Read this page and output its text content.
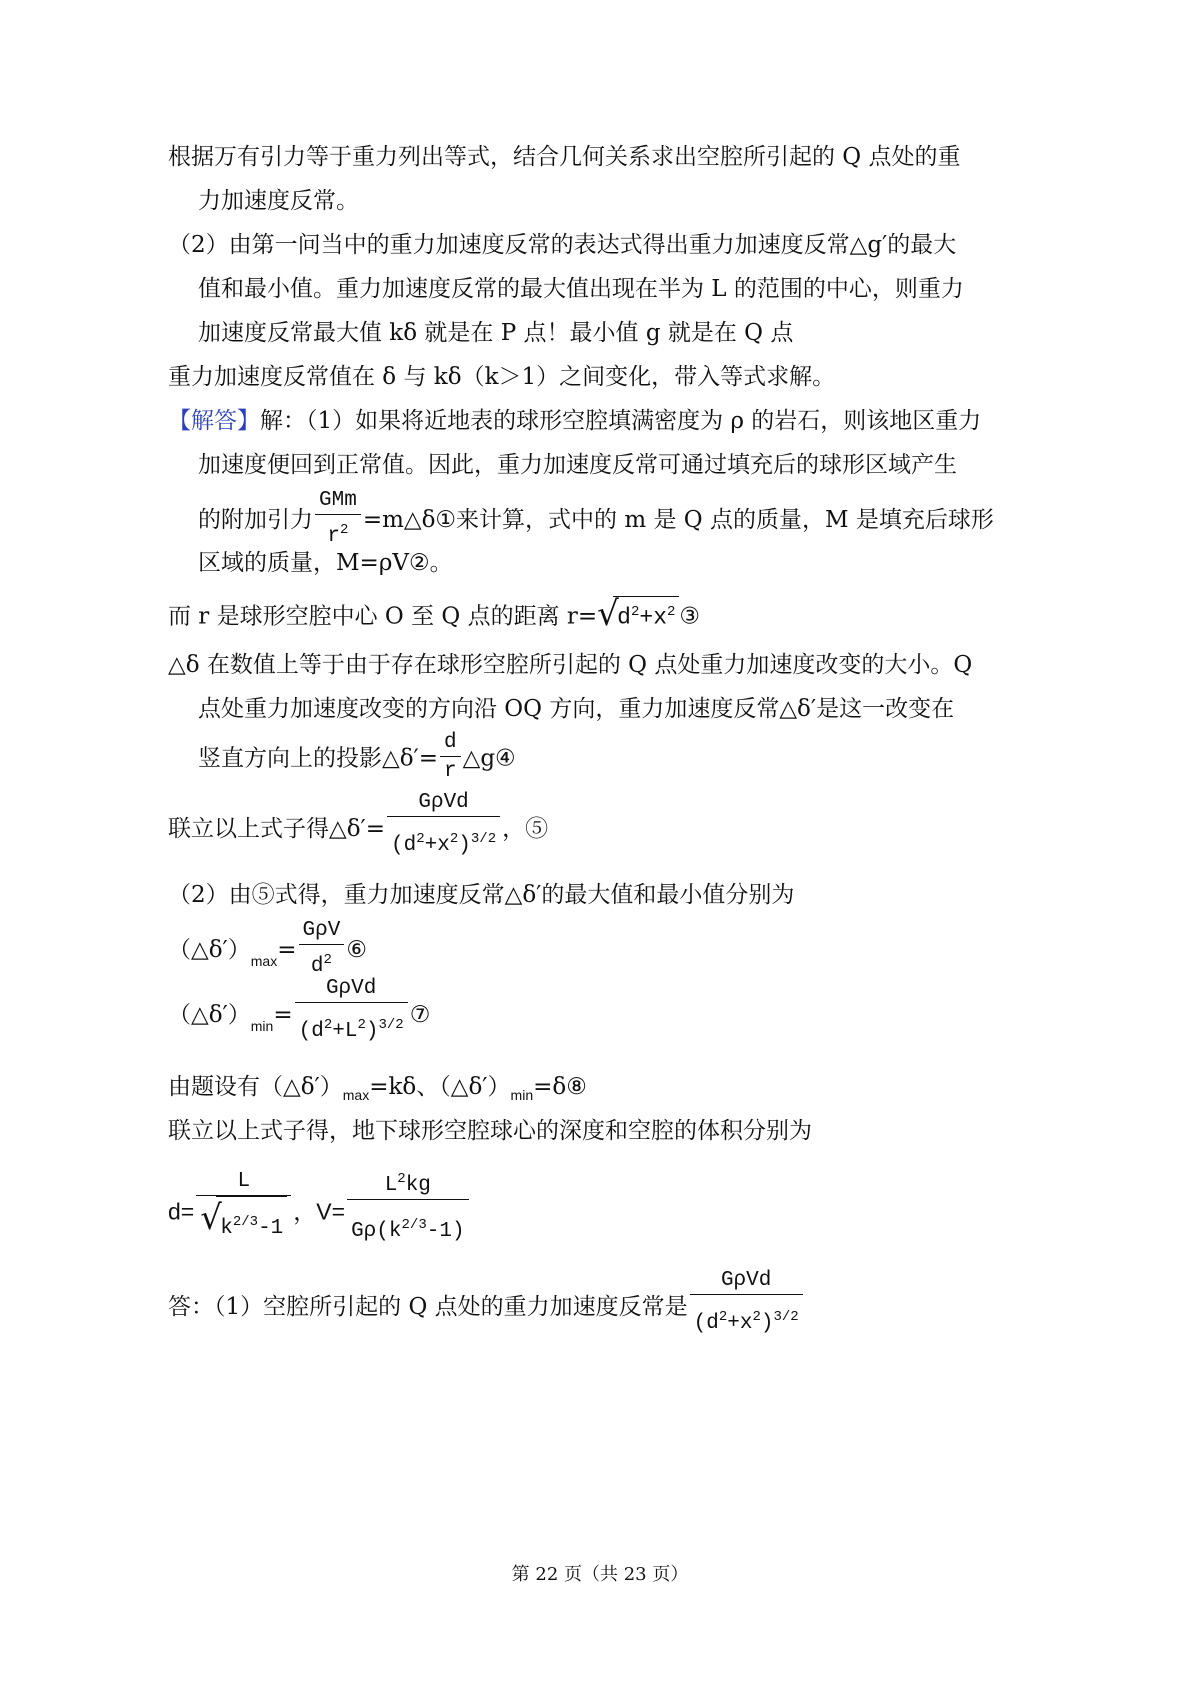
根据万有引力等于重力列出等式，结合几何关系求出空腔所引起的 Q 点处的重
力加速度反常。
（2）由第一问当中的重力加速度反常的表达式得出重力加速度反常△g′的最大
值和最小值。重力加速度反常的最大值出现在半为 L 的范围的中心，则重力
加速度反常最大值 kδ 就是在 P 点！最小值 g 就是在 Q 点
重力加速度反常值在 δ 与 kδ（k＞1）之间变化，带入等式求解。
【解答】解：（1）如果将近地表的球形空腔填满密度为 ρ 的岩石，则该地区重力
加速度便回到正常值。因此，重力加速度反常可通过填充后的球形区域产生
的附加引力 $\frac{\text{GMm}}{r^2}$ =m△δ①来计算，式中的 m 是 Q 点的质量，M 是填充后球形
区域的质量，M=ρV②。
而 r 是球形空腔中心 O 至 Q 点的距离 r= √
$d^2+x^2$ ③
△δ 在数值上等于由于存在球形空腔所引起的 Q 点处重力加速度改变的大小。Q
点处重力加速度改变的方向沿 OQ 方向，重力加速度反常△δ′是这一改变在
竖直方向上的投影△δ′= $\frac{d}{r}$ △g④
联立以上式子得△δ′= $\frac{\text{GρVd}}{(d^2+x^2)^{3/2}}$ ，⑤
（2）由⑤式得，重力加速度反常△δ′的最大值和最小值分别为
$(\triangle\delta')_{max}= \frac{\text{GρV}}{d^2}$ ⑥
$(\triangle\delta')_{min}= \frac{\text{GρVd}}{(d^2+L^2)^{3/2}}$ ⑦
由题设有$(\triangle\delta')_{max}=k\delta$、$(\triangle\delta')_{min}=\delta ⑧$
联立以上式子得，地下球形空腔球心的深度和空腔的体积分别为
d= L
√
$k^{2/3}-1$ ，$V= \frac{L^2kg}{G\rho(k^{2/3}-1)}$
答：（1）空腔所引起的 Q 点处的重力加速度反常是 $\frac{\text{GρVd}}{(d^2+x^2)^{3/2}}$
第 22 页（共 23 页）
